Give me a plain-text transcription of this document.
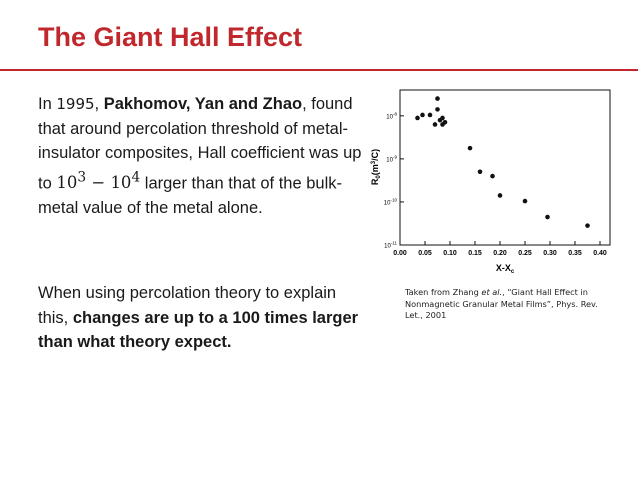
The Giant Hall Effect
In 1995, Pakhomov, Yan and Zhao, found that around percolation threshold of metal-insulator composites, Hall coefficient was up to $10^3 - 10^4$ larger than that of the bulk-metal value of the metal alone.
When using percolation theory to explain this, changes are up to a 100 times larger than what theory expect.
0.00 0.05 0.10 0.15 0.20 0.25 0.30 0.35 0.40
$10^{-8}$
$10^{-9}$
$10^{-10}$
$10^{-11}$
$X-X_c$
$R_0(m^3/C)$
Taken from Zhang et al., “Giant Hall Effect in Nonmagnetic Granular Metal Films”, Phys. Rev. Let., 2001
